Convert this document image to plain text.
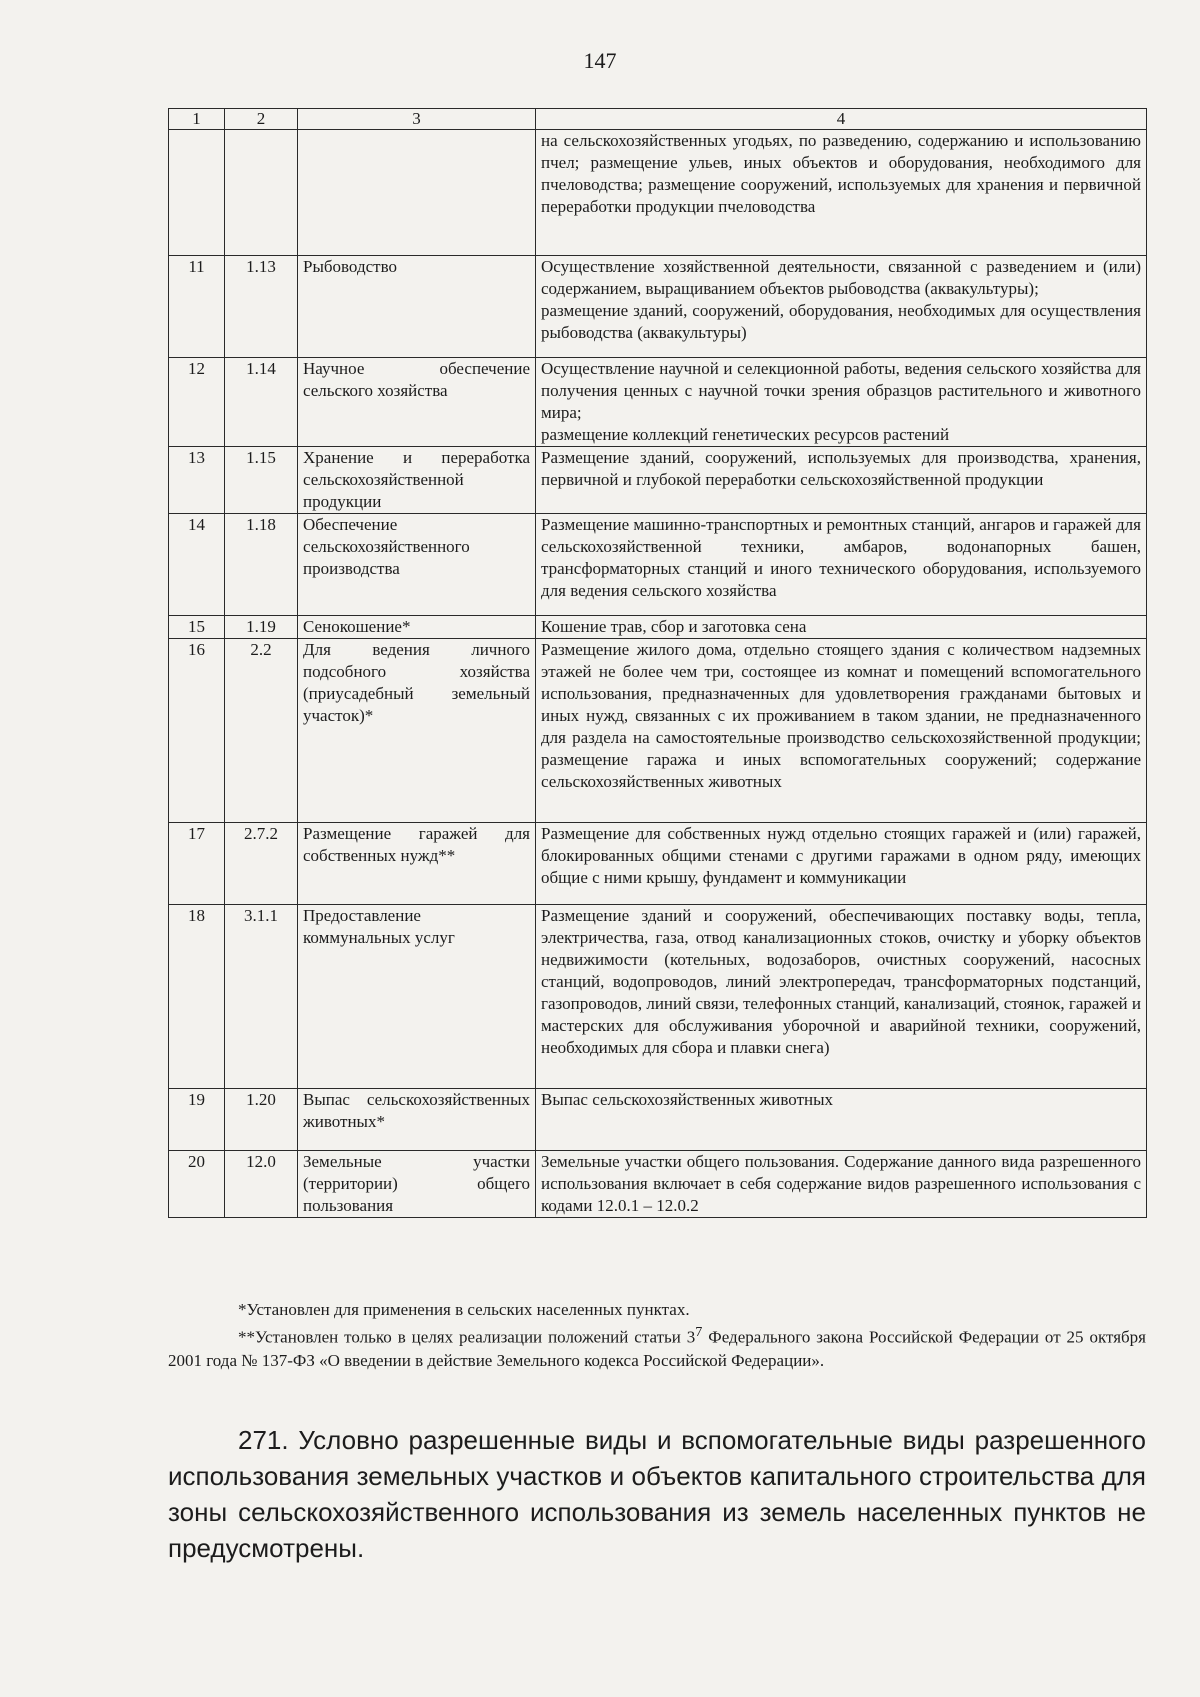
147
1	2	3	4
			на сельскохозяйственных угодьях, по разведению, содержанию и использованию пчел; размещение ульев, иных объектов и оборудования, необходимого для пчеловодства; размещение сооружений, используемых для хранения и первичной переработки продукции пчеловодства
11	1.13	Рыбоводство	Осуществление хозяйственной деятельности, связанной с разведением и (или) содержанием, выращиванием объектов рыбоводства (аквакультуры);
размещение зданий, сооружений, оборудования, необходимых для осуществления рыбоводства (аквакультуры)
12	1.14	Научное обеспечение сельского хозяйства	Осуществление научной и селекционной работы, ведения сельского хозяйства для получения ценных с научной точки зрения образцов растительного и животного мира;
размещение коллекций генетических ресурсов растений
13	1.15	Хранение и переработка сельскохозяйственной продукции	Размещение зданий, сооружений, используемых для производства, хранения, первичной и глубокой переработки сельскохозяйственной продукции
14	1.18	Обеспечение сельскохозяйственного производства	Размещение машинно-транспортных и ремонтных станций, ангаров и гаражей для сельскохозяйственной техники, амбаров, водонапорных башен, трансформаторных станций и иного технического оборудования, используемого для ведения сельского хозяйства
15	1.19	Сенокошение*	Кошение трав, сбор и заготовка сена
16	2.2	Для ведения личного подсобного хозяйства (приусадебный земельный участок)*	Размещение жилого дома, отдельно стоящего здания с количеством надземных этажей не более чем три, состоящее из комнат и помещений вспомогательного использования, предназначенных для удовлетворения гражданами бытовых и иных нужд, связанных с их проживанием в таком здании, не предназначенного для раздела на самостоятельные производство сельскохозяйственной продукции; размещение гаража и иных вспомогательных сооружений; содержание сельскохозяйственных животных
17	2.7.2	Размещение гаражей для собственных нужд**	Размещение для собственных нужд отдельно стоящих гаражей и (или) гаражей, блокированных общими стенами с другими гаражами в одном ряду, имеющих общие с ними крышу, фундамент и коммуникации
18	3.1.1	Предоставление коммунальных услуг	Размещение зданий и сооружений, обеспечивающих поставку воды, тепла, электричества, газа, отвод канализационных стоков, очистку и уборку объектов недвижимости (котельных, водозаборов, очистных сооружений, насосных станций, водопроводов, линий электропередач, трансформаторных подстанций, газопроводов, линий связи, телефонных станций, канализаций, стоянок, гаражей и мастерских для обслуживания уборочной и аварийной техники, сооружений, необходимых для сбора и плавки снега)
19	1.20	Выпас сельскохозяйственных животных*	Выпас сельскохозяйственных животных
20	12.0	Земельные участки (территории) общего пользования	Земельные участки общего пользования. Содержание данного вида разрешенного использования включает в себя содержание видов разрешенного использования с кодами 12.0.1 – 12.0.2

*Установлен для применения в сельских населенных пунктах.

**Установлен только в целях реализации положений статьи $3^7$ Федерального закона Российской Федерации от 25 октября 2001 года № 137-ФЗ «О введении в действие Земельного кодекса Российской Федерации».

271. Условно разрешенные виды и вспомогательные виды разрешенного использования земельных участков и объектов капитального строительства для зоны сельскохозяйственного использования из земель населенных пунктов не предусмотрены.
